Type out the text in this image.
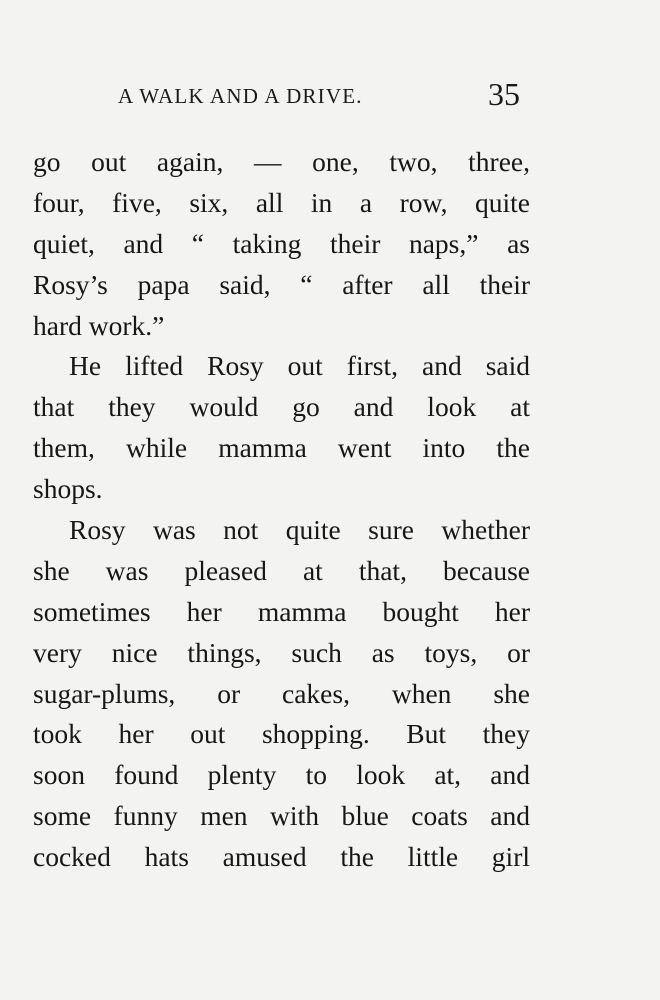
A WALK AND A DRIVE.	35
go out again, — one, two, three,
four, five, six, all in a row, quite
quiet, and “ taking their naps,” as
Rosy’s papa said, “ after all their
hard work.”
He lifted Rosy out first, and said
that they would go and look at
them, while mamma went into the
shops.
Rosy was not quite sure whether
she was pleased at that, because
sometimes her mamma bought her
very nice things, such as toys, or
sugar-plums, or cakes, when she
took her out shopping. But they
soon found plenty to look at, and
some funny men with blue coats and
cocked hats amused the little girl
